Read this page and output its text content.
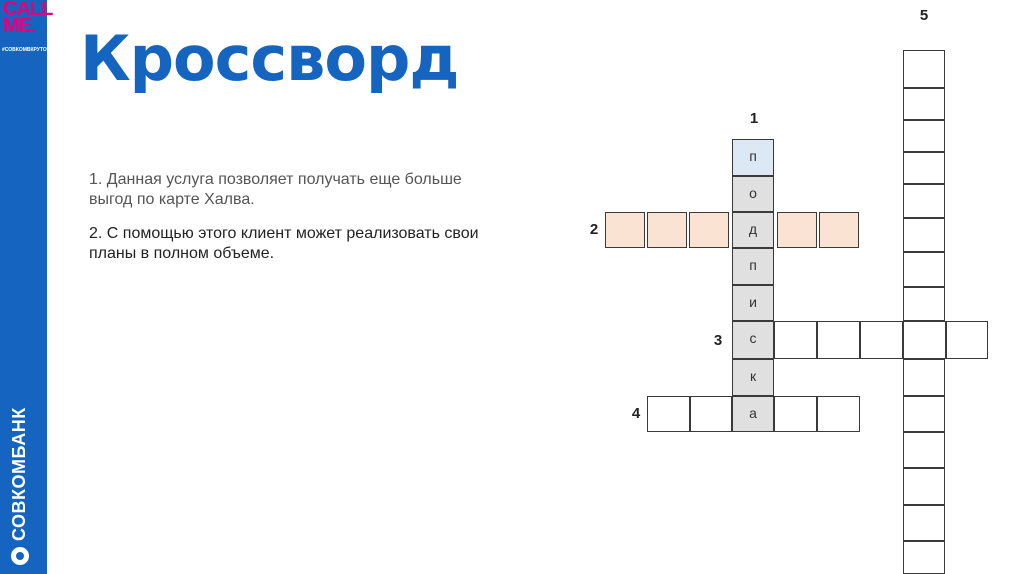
CALL
ME.
#СОВКОМВКРУТО
СОВКОМБАНК
Кроссворд
1. Данная услуга позволяет получать еще больше выгод по карте Халва.
2. С помощью этого клиент может реализовать свои планы в полном объеме.
1
2
3
4
5
п
о
д
п
и
с
к
а
